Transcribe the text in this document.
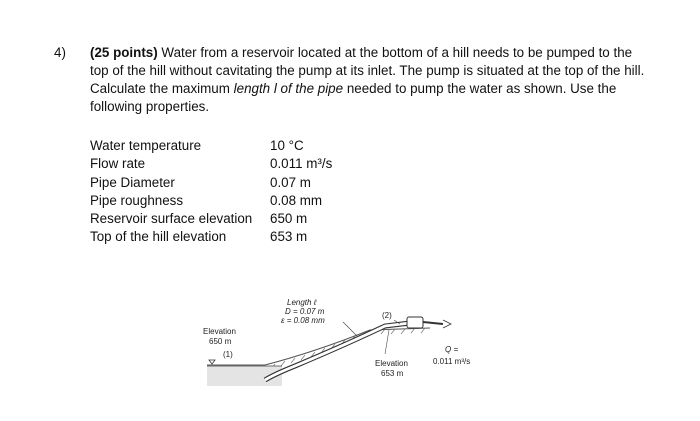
4) (25 points) Water from a reservoir located at the bottom of a hill needs to be pumped to the top of the hill without cavitating the pump at its inlet. The pump is situated at the top of the hill. Calculate the maximum length l of the pipe needed to pump the water as shown. Use the following properties.
Water temperature	10 °C
Flow rate	0.011 m³/s
Pipe Diameter	0.07 m
Pipe roughness	0.08 mm
Reservoir surface elevation	650 m
Top of the hill elevation	653 m
Length ℓ
D = 0.07 m
ε = 0.08 mm
(2)
Elevation
650 m
(1)
Elevation
653 m
Q =
0.011 m³/s
